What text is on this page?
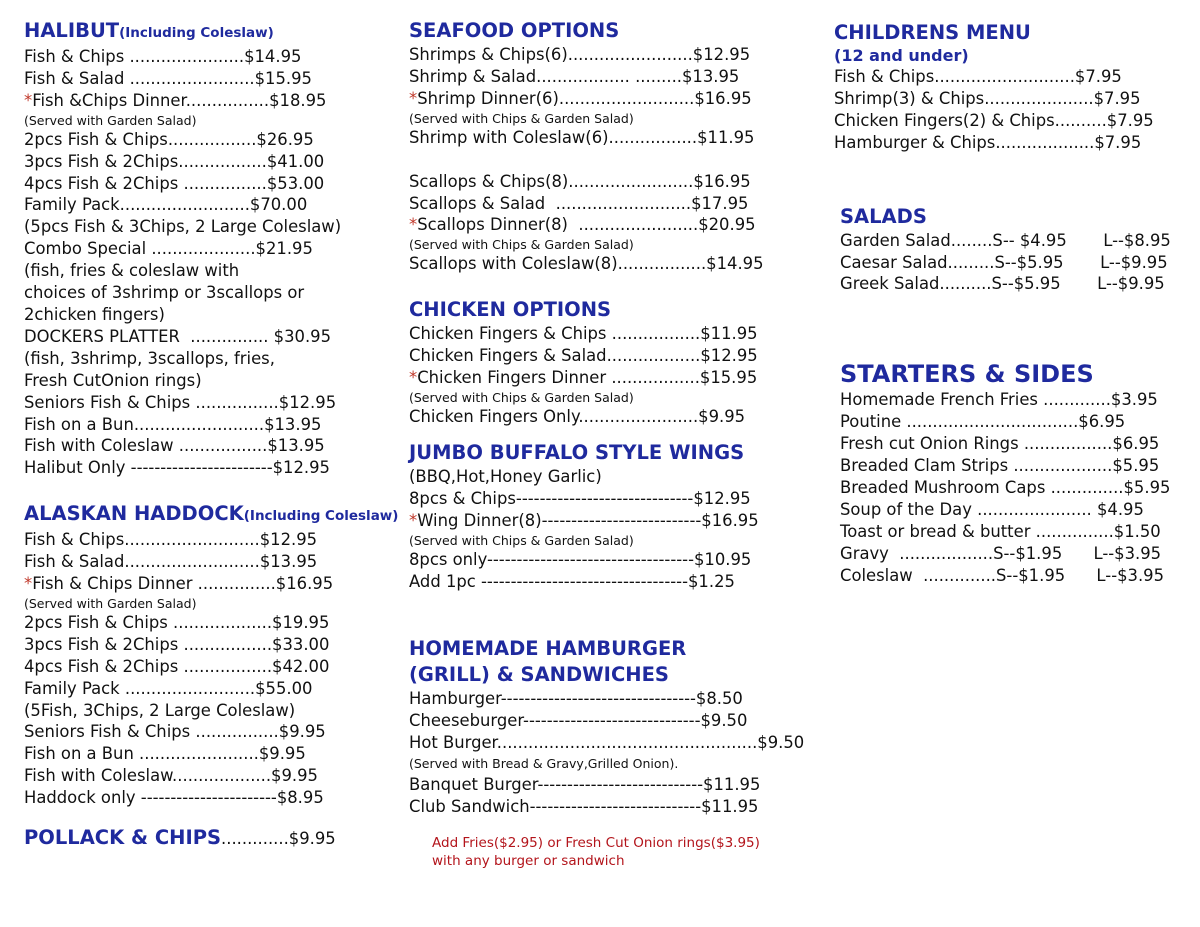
HALIBUT(Including Coleslaw)
Fish & Chips ......................$14.95
Fish & Salad ........................$15.95
*Fish &Chips Dinner................$18.95
(Served with Garden Salad)
2pcs Fish & Chips.................$26.95
3pcs Fish & 2Chips.................$41.00
4pcs Fish & 2Chips ................$53.00
Family Pack.........................$70.00
(5pcs Fish & 3Chips, 2 Large Coleslaw)
Combo Special ....................$21.95
(fish, fries & coleslaw with
choices of 3shrimp or 3scallops or
2chicken fingers)
DOCKERS PLATTER  ............... $30.95
(fish, 3shrimp, 3scallops, fries,
Fresh CutOnion rings)
Seniors Fish & Chips ................$12.95
Fish on a Bun.........................$13.95
Fish with Coleslaw .................$13.95
Halibut Only ------------------------$12.95
ALASKAN HADDOCK(Including Coleslaw)
Fish & Chips..........................$12.95
Fish & Salad..........................$13.95
*Fish & Chips Dinner ...............$16.95
(Served with Garden Salad)
2pcs Fish & Chips ...................$19.95
3pcs Fish & 2Chips .................$33.00
4pcs Fish & 2Chips .................$42.00
Family Pack .........................$55.00
(5Fish, 3Chips, 2 Large Coleslaw)
Seniors Fish & Chips ................$9.95
Fish on a Bun .......................$9.95
Fish with Coleslaw...................$9.95
Haddock only -----------------------$8.95
POLLACK & CHIPS.............$9.95
SEAFOOD OPTIONS
Shrimps & Chips(6)........................$12.95
Shrimp & Salad.................. .........$13.95
*Shrimp Dinner(6)..........................$16.95
(Served with Chips & Garden Salad)
Shrimp with Coleslaw(6).................$11.95
Scallops & Chips(8)........................$16.95
Scallops & Salad  ..........................$17.95
*Scallops Dinner(8)  .......................$20.95
(Served with Chips & Garden Salad)
Scallops with Coleslaw(8).................$14.95
CHICKEN OPTIONS
Chicken Fingers & Chips .................$11.95
Chicken Fingers & Salad..................$12.95
*Chicken Fingers Dinner .................$15.95
(Served with Chips & Garden Salad)
Chicken Fingers Only.......................$9.95
JUMBO BUFFALO STYLE WINGS
(BBQ,Hot,Honey Garlic)
8pcs & Chips------------------------------$12.95
*Wing Dinner(8)---------------------------$16.95
(Served with Chips & Garden Salad)
8pcs only-----------------------------------$10.95
Add 1pc -----------------------------------$1.25
HOMEMADE HAMBURGER
(GRILL) & SANDWICHES
Hamburger---------------------------------$8.50
Cheeseburger------------------------------$9.50
Hot Burger..................................................$9.50
(Served with Bread & Gravy,Grilled Onion).
Banquet Burger----------------------------$11.95
Club Sandwich-----------------------------$11.95
Add Fries($2.95) or Fresh Cut Onion rings($3.95)
with any burger or sandwich
CHILDRENS MENU
(12 and under)
Fish & Chips...........................$7.95
Shrimp(3) & Chips.....................$7.95
Chicken Fingers(2) & Chips..........$7.95
Hamburger & Chips...................$7.95
SALADS
Garden Salad........S-- $4.95       L--$8.95
Caesar Salad.........S--$5.95       L--$9.95
Greek Salad..........S--$5.95       L--$9.95
STARTERS & SIDES
Homemade French Fries .............$3.95
Poutine .................................$6.95
Fresh cut Onion Rings .................$6.95
Breaded Clam Strips ...................$5.95
Breaded Mushroom Caps ..............$5.95
Soup of the Day ...................... $4.95
Toast or bread & butter ...............$1.50
Gravy  ..................S--$1.95      L--$3.95
Coleslaw  ..............S--$1.95      L--$3.95
